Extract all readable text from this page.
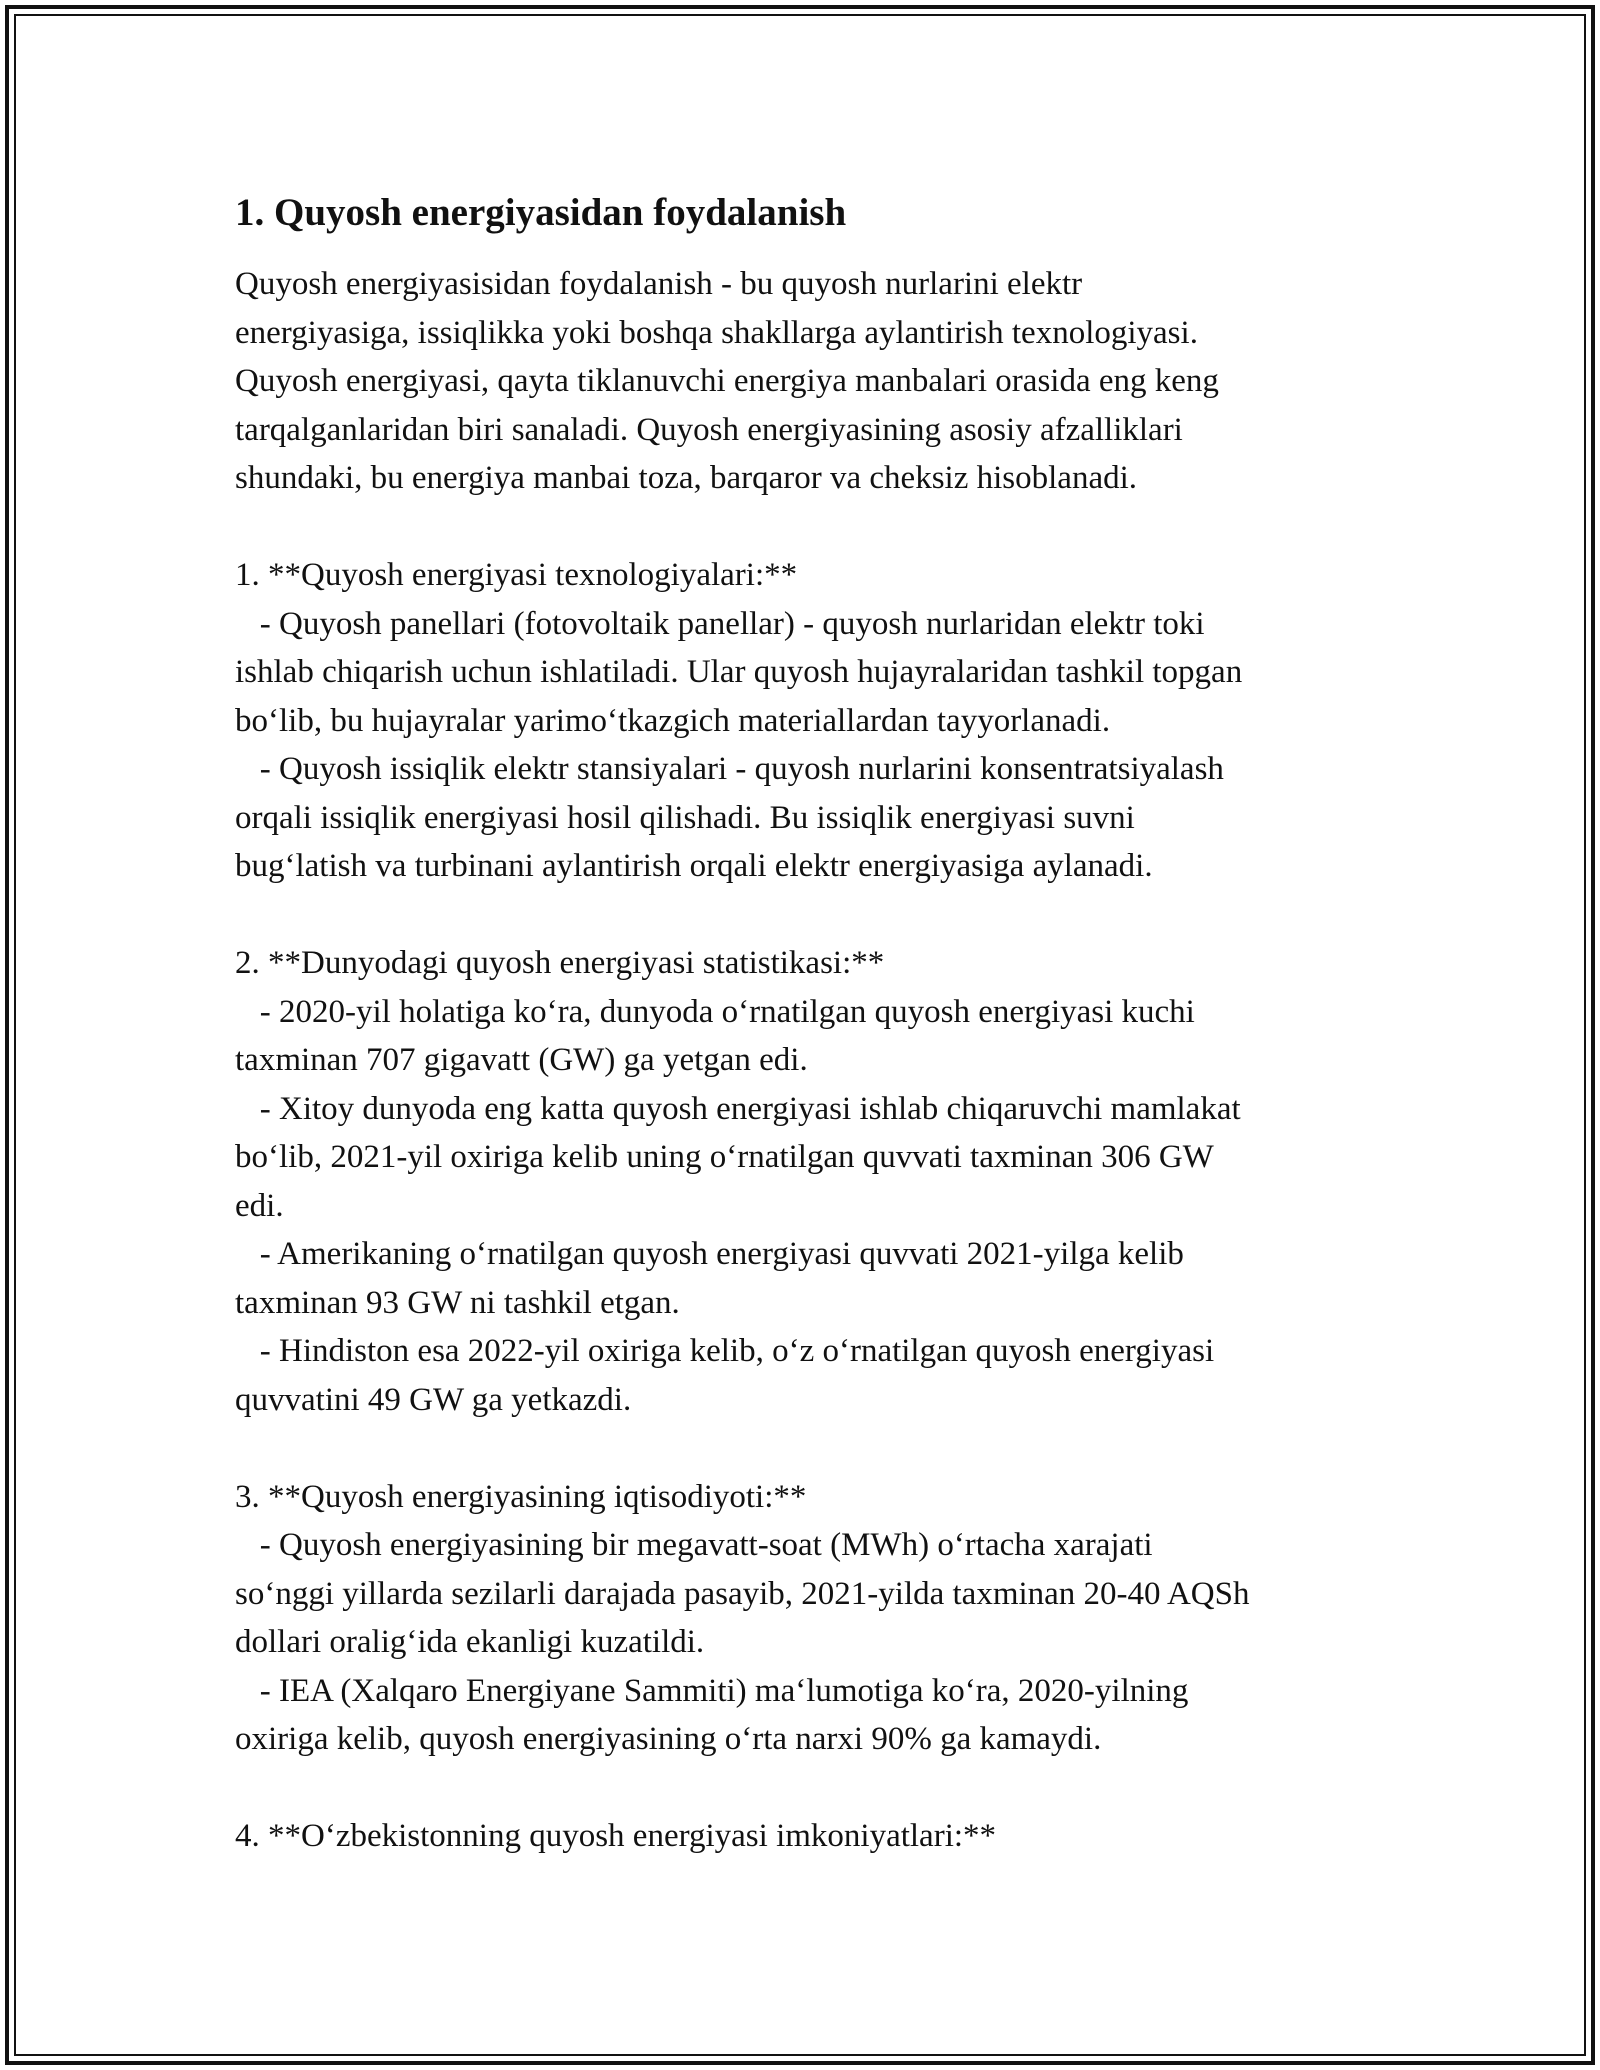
1. Quyosh energiyasidan foydalanish

Quyosh energiyasisidan foydalanish - bu quyosh nurlarini elektr
energiyasiga, issiqlikka yoki boshqa shakllarga aylantirish texnologiyasi.
Quyosh energiyasi, qayta tiklanuvchi energiya manbalari orasida eng keng
tarqalganlaridan biri sanaladi. Quyosh energiyasining asosiy afzalliklari
shundaki, bu energiya manbai toza, barqaror va cheksiz hisoblanadi.

1. **Quyosh energiyasi texnologiyalari:**

- Quyosh panellari (fotovoltaik panellar) - quyosh nurlaridan elektr toki
ishlab chiqarish uchun ishlatiladi. Ular quyosh hujayralaridan tashkil topgan
bo‘lib, bu hujayralar yarimo‘tkazgich materiallardan tayyorlanadi.

- Quyosh issiqlik elektr stansiyalari - quyosh nurlarini konsentratsiyalash
orqali issiqlik energiyasi hosil qilishadi. Bu issiqlik energiyasi suvni
bug‘latish va turbinani aylantirish orqali elektr energiyasiga aylanadi.

2. **Dunyodagi quyosh energiyasi statistikasi:**

- 2020-yil holatiga ko‘ra, dunyoda o‘rnatilgan quyosh energiyasi kuchi
taxminan 707 gigavatt (GW) ga yetgan edi.

- Xitoy dunyoda eng katta quyosh energiyasi ishlab chiqaruvchi mamlakat
bo‘lib, 2021-yil oxiriga kelib uning o‘rnatilgan quvvati taxminan 306 GW
edi.

- Amerikaning o‘rnatilgan quyosh energiyasi quvvati 2021-yilga kelib
taxminan 93 GW ni tashkil etgan.

- Hindiston esa 2022-yil oxiriga kelib, o‘z o‘rnatilgan quyosh energiyasi
quvvatini 49 GW ga yetkazdi.

3. **Quyosh energiyasining iqtisodiyoti:**

- Quyosh energiyasining bir megavatt-soat (MWh) o‘rtacha xarajati
so‘nggi yillarda sezilarli darajada pasayib, 2021-yilda taxminan 20-40 AQSh
dollari oralig‘ida ekanligi kuzatildi.

- IEA (Xalqaro Energiyane Sammiti) ma‘lumotiga ko‘ra, 2020-yilning
oxiriga kelib, quyosh energiyasining o‘rta narxi 90% ga kamaydi.

4. **O‘zbekistonning quyosh energiyasi imkoniyatlari:**
